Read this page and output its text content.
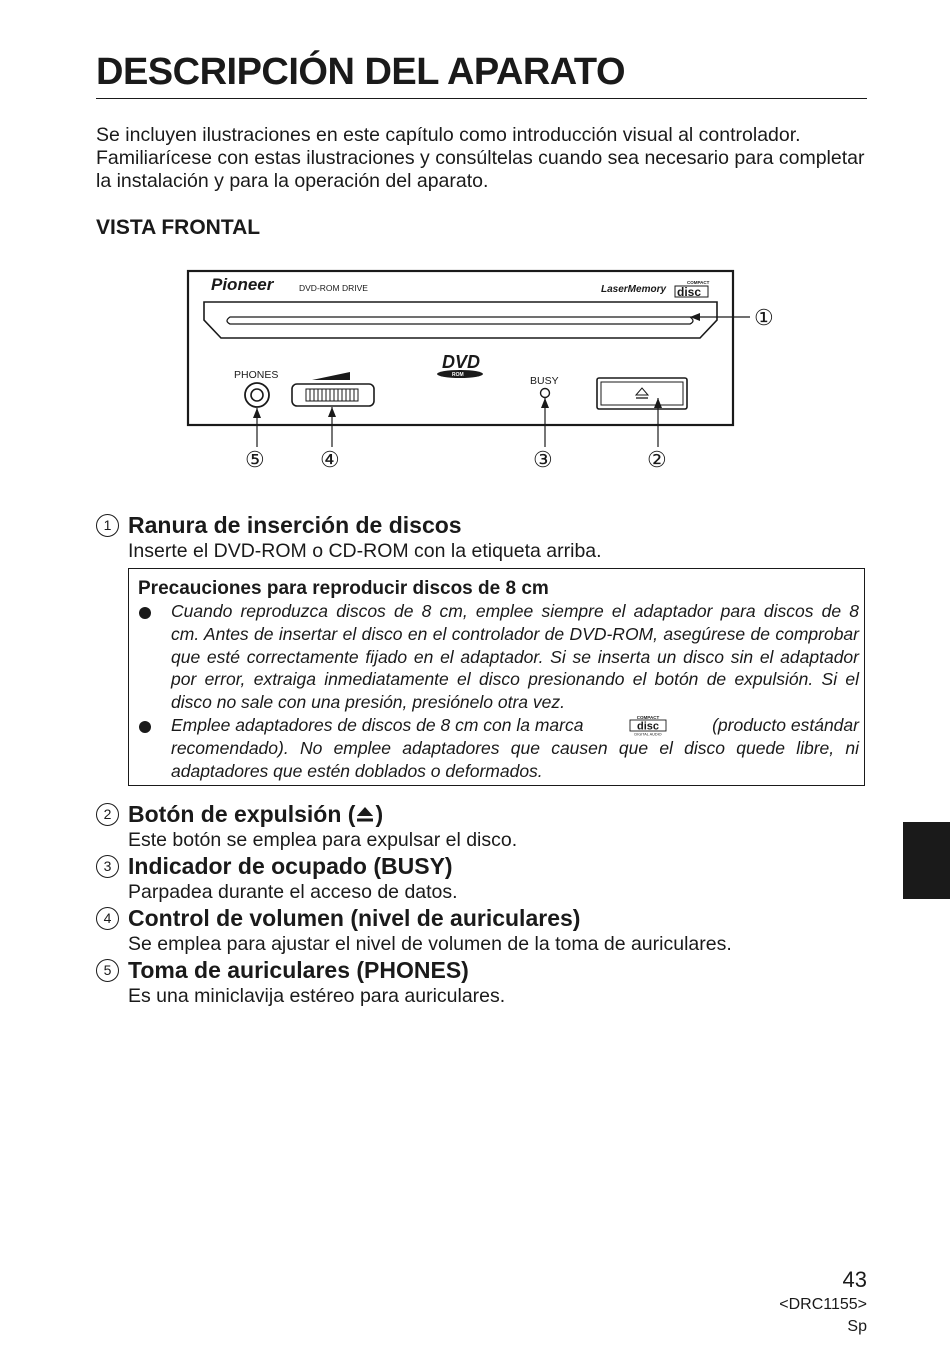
DESCRIPCIÓN DEL APARATO
Se incluyen ilustraciones en este capítulo como introducción visual al controlador.
Familiarícese con estas ilustraciones y consúltelas cuando sea necesario para completar
la instalación y para la operación del aparato.
VISTA FRONTAL
Pioneer	DVD-ROM DRIVE	LaserMemory
COMPACT
disc
DVD
ROM
PHONES	BUSY
①
⑤	④	③	②
1 Ranura de inserción de discos
Inserte el DVD-ROM o CD-ROM con la etiqueta arriba.
Precauciones para reproducir discos de 8 cm
Cuando reproduzca discos de 8 cm, emplee siempre el adaptador para discos de 8
cm. Antes de insertar el disco en el controlador de DVD-ROM, asegúrese de comprobar
que esté correctamente fijado en el adaptador. Si se inserta un disco sin el adaptador
por error, extraiga inmediatamente el disco presionando el botón de expulsión. Si el
disco no sale con una presión, presiónelo otra vez.
Emplee adaptadores de discos de 8 cm con la marca	COMPACT
disc
DIGITAL AUDIO	(producto estándar
recomendado). No emplee adaptadores que causen que el disco quede libre, ni
adaptadores que estén doblados o deformados.
2 Botón de expulsión ( )
Este botón se emplea para expulsar el disco.
3 Indicador de ocupado (BUSY)
Parpadea durante el acceso de datos.
4 Control de volumen (nivel de auriculares)
Se emplea para ajustar el nivel de volumen de la toma de auriculares.
5 Toma de auriculares (PHONES)
Es una miniclavija estéreo para auriculares.
43
<DRC1155>
Sp
